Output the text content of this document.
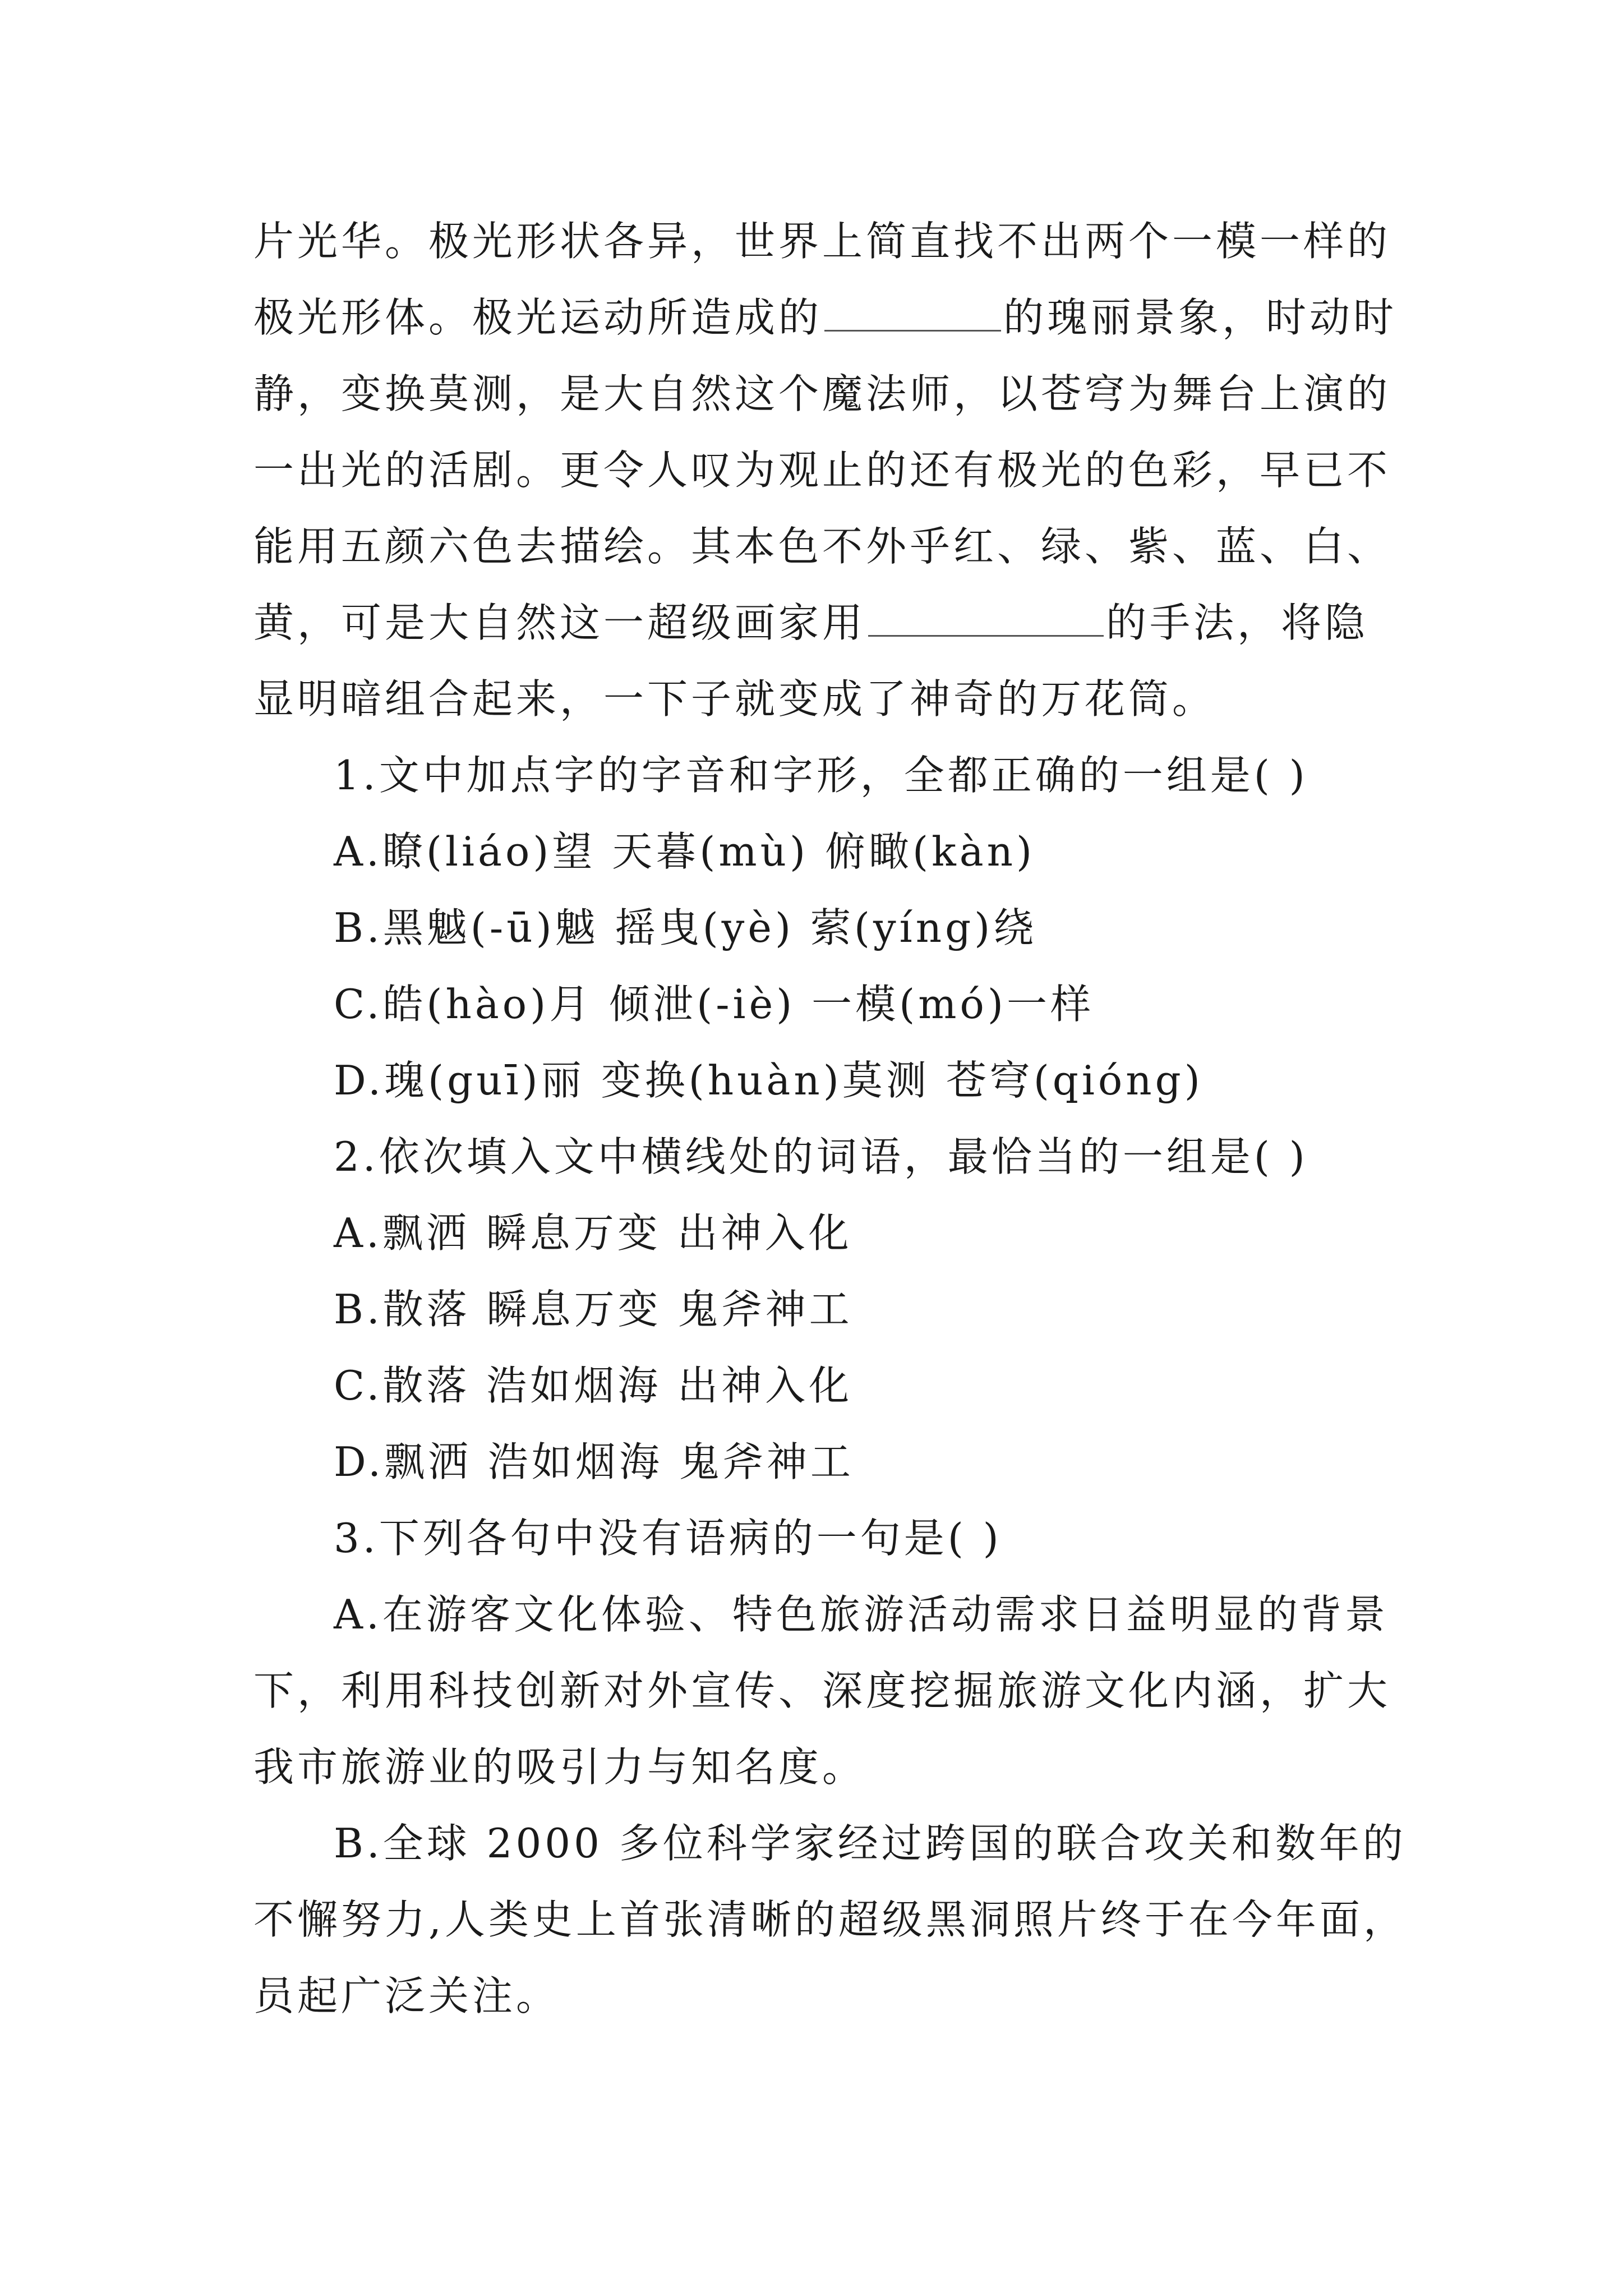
片光华。极光形状各异，世界上简直找不出两个一模一样的
极光形体。极光运动所造成的	的瑰丽景象，时动时
静，变换莫测，是大自然这个魔法师，以苍穹为舞台上演的
一出光的活剧。更令人叹为观止的还有极光的色彩，早已不
能用五颜六色去描绘。其本色不外乎红、绿、紫、蓝、白、
黄，可是大自然这一超级画家用	的手法，将隐
显明暗组合起来，一下子就变成了神奇的万花筒。
1.文中加点字的字音和字形，全都正确的一组是( )
A.瞭(liáo)望 天暮(mù) 俯瞰(kàn)
B.黑魆(-ū)魆 摇曳(yè) 萦(yíng)绕
C.皓(hào)月 倾泄(-iè) 一模(mó)一样
D.瑰(guī)丽 变换(huàn)莫测 苍穹(qióng)
2.依次填入文中横线处的词语，最恰当的一组是( )
A.飘洒 瞬息万变 出神入化
B.散落 瞬息万变 鬼斧神工
C.散落 浩如烟海 出神入化
D.飘洒 浩如烟海 鬼斧神工
3.下列各句中没有语病的一句是( )
A.在游客文化体验、特色旅游活动需求日益明显的背景
下，利用科技创新对外宣传、深度挖掘旅游文化内涵，扩大
我市旅游业的吸引力与知名度。
B.全球 2000 多位科学家经过跨国的联合攻关和数年的
不懈努力,人类史上首张清晰的超级黑洞照片终于在今年面，
员起广泛关注。
